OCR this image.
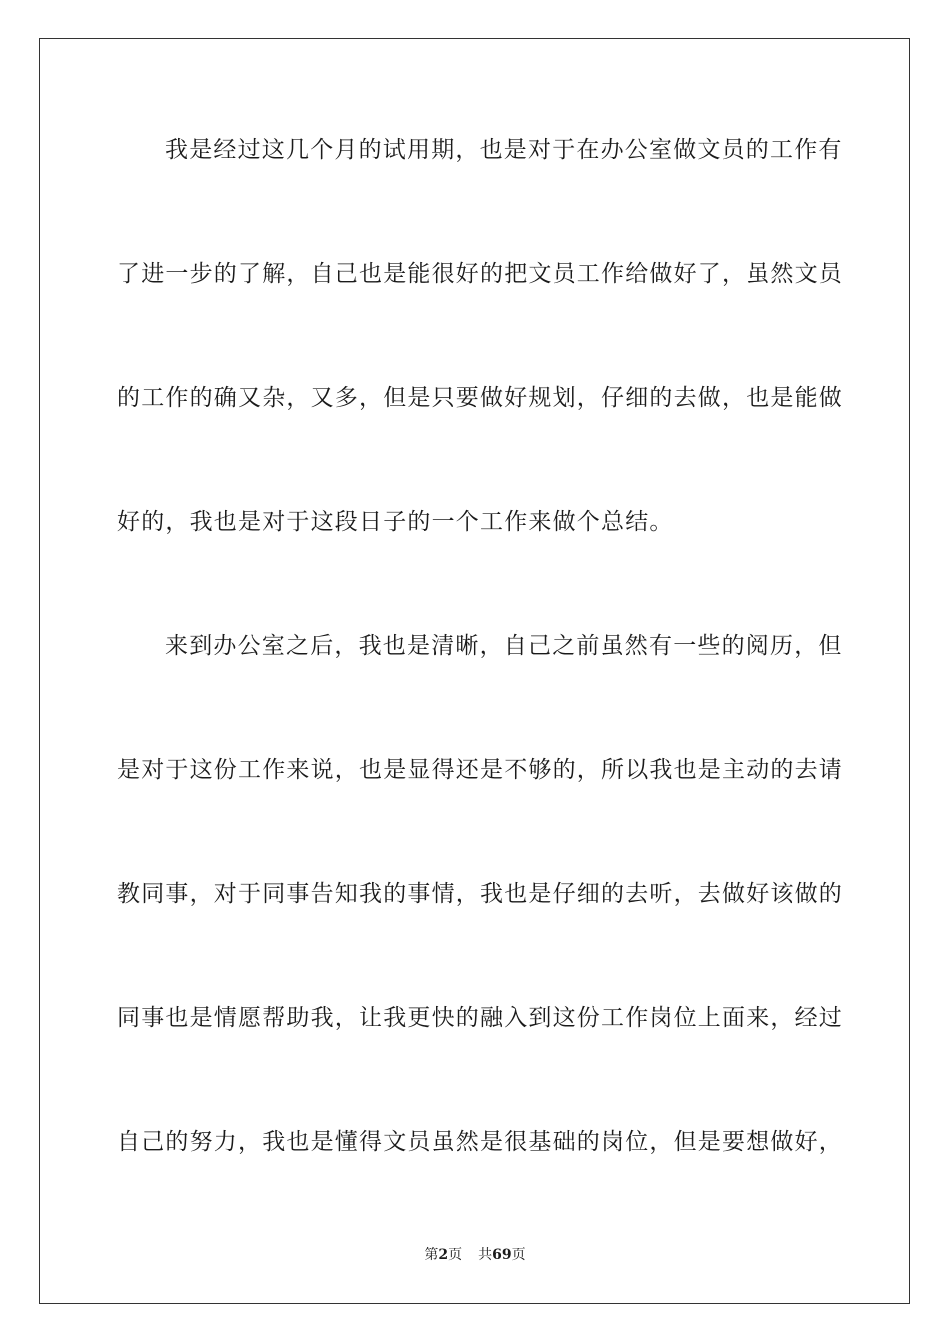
我是经过这几个月的试用期，也是对于在办公室做文员的工作有
了进一步的了解，自己也是能很好的把文员工作给做好了，虽然文员
的工作的确又杂，又多，但是只要做好规划，仔细的去做，也是能做
好的，我也是对于这段日子的一个工作来做个总结。
来到办公室之后，我也是清晰，自己之前虽然有一些的阅历，但
是对于这份工作来说，也是显得还是不够的，所以我也是主动的去请
教同事，对于同事告知我的事情，我也是仔细的去听，去做好该做的
同事也是情愿帮助我，让我更快的融入到这份工作岗位上面来，经过
自己的努力，我也是懂得文员虽然是很基础的岗位，但是要想做好，
第2页 共69页
